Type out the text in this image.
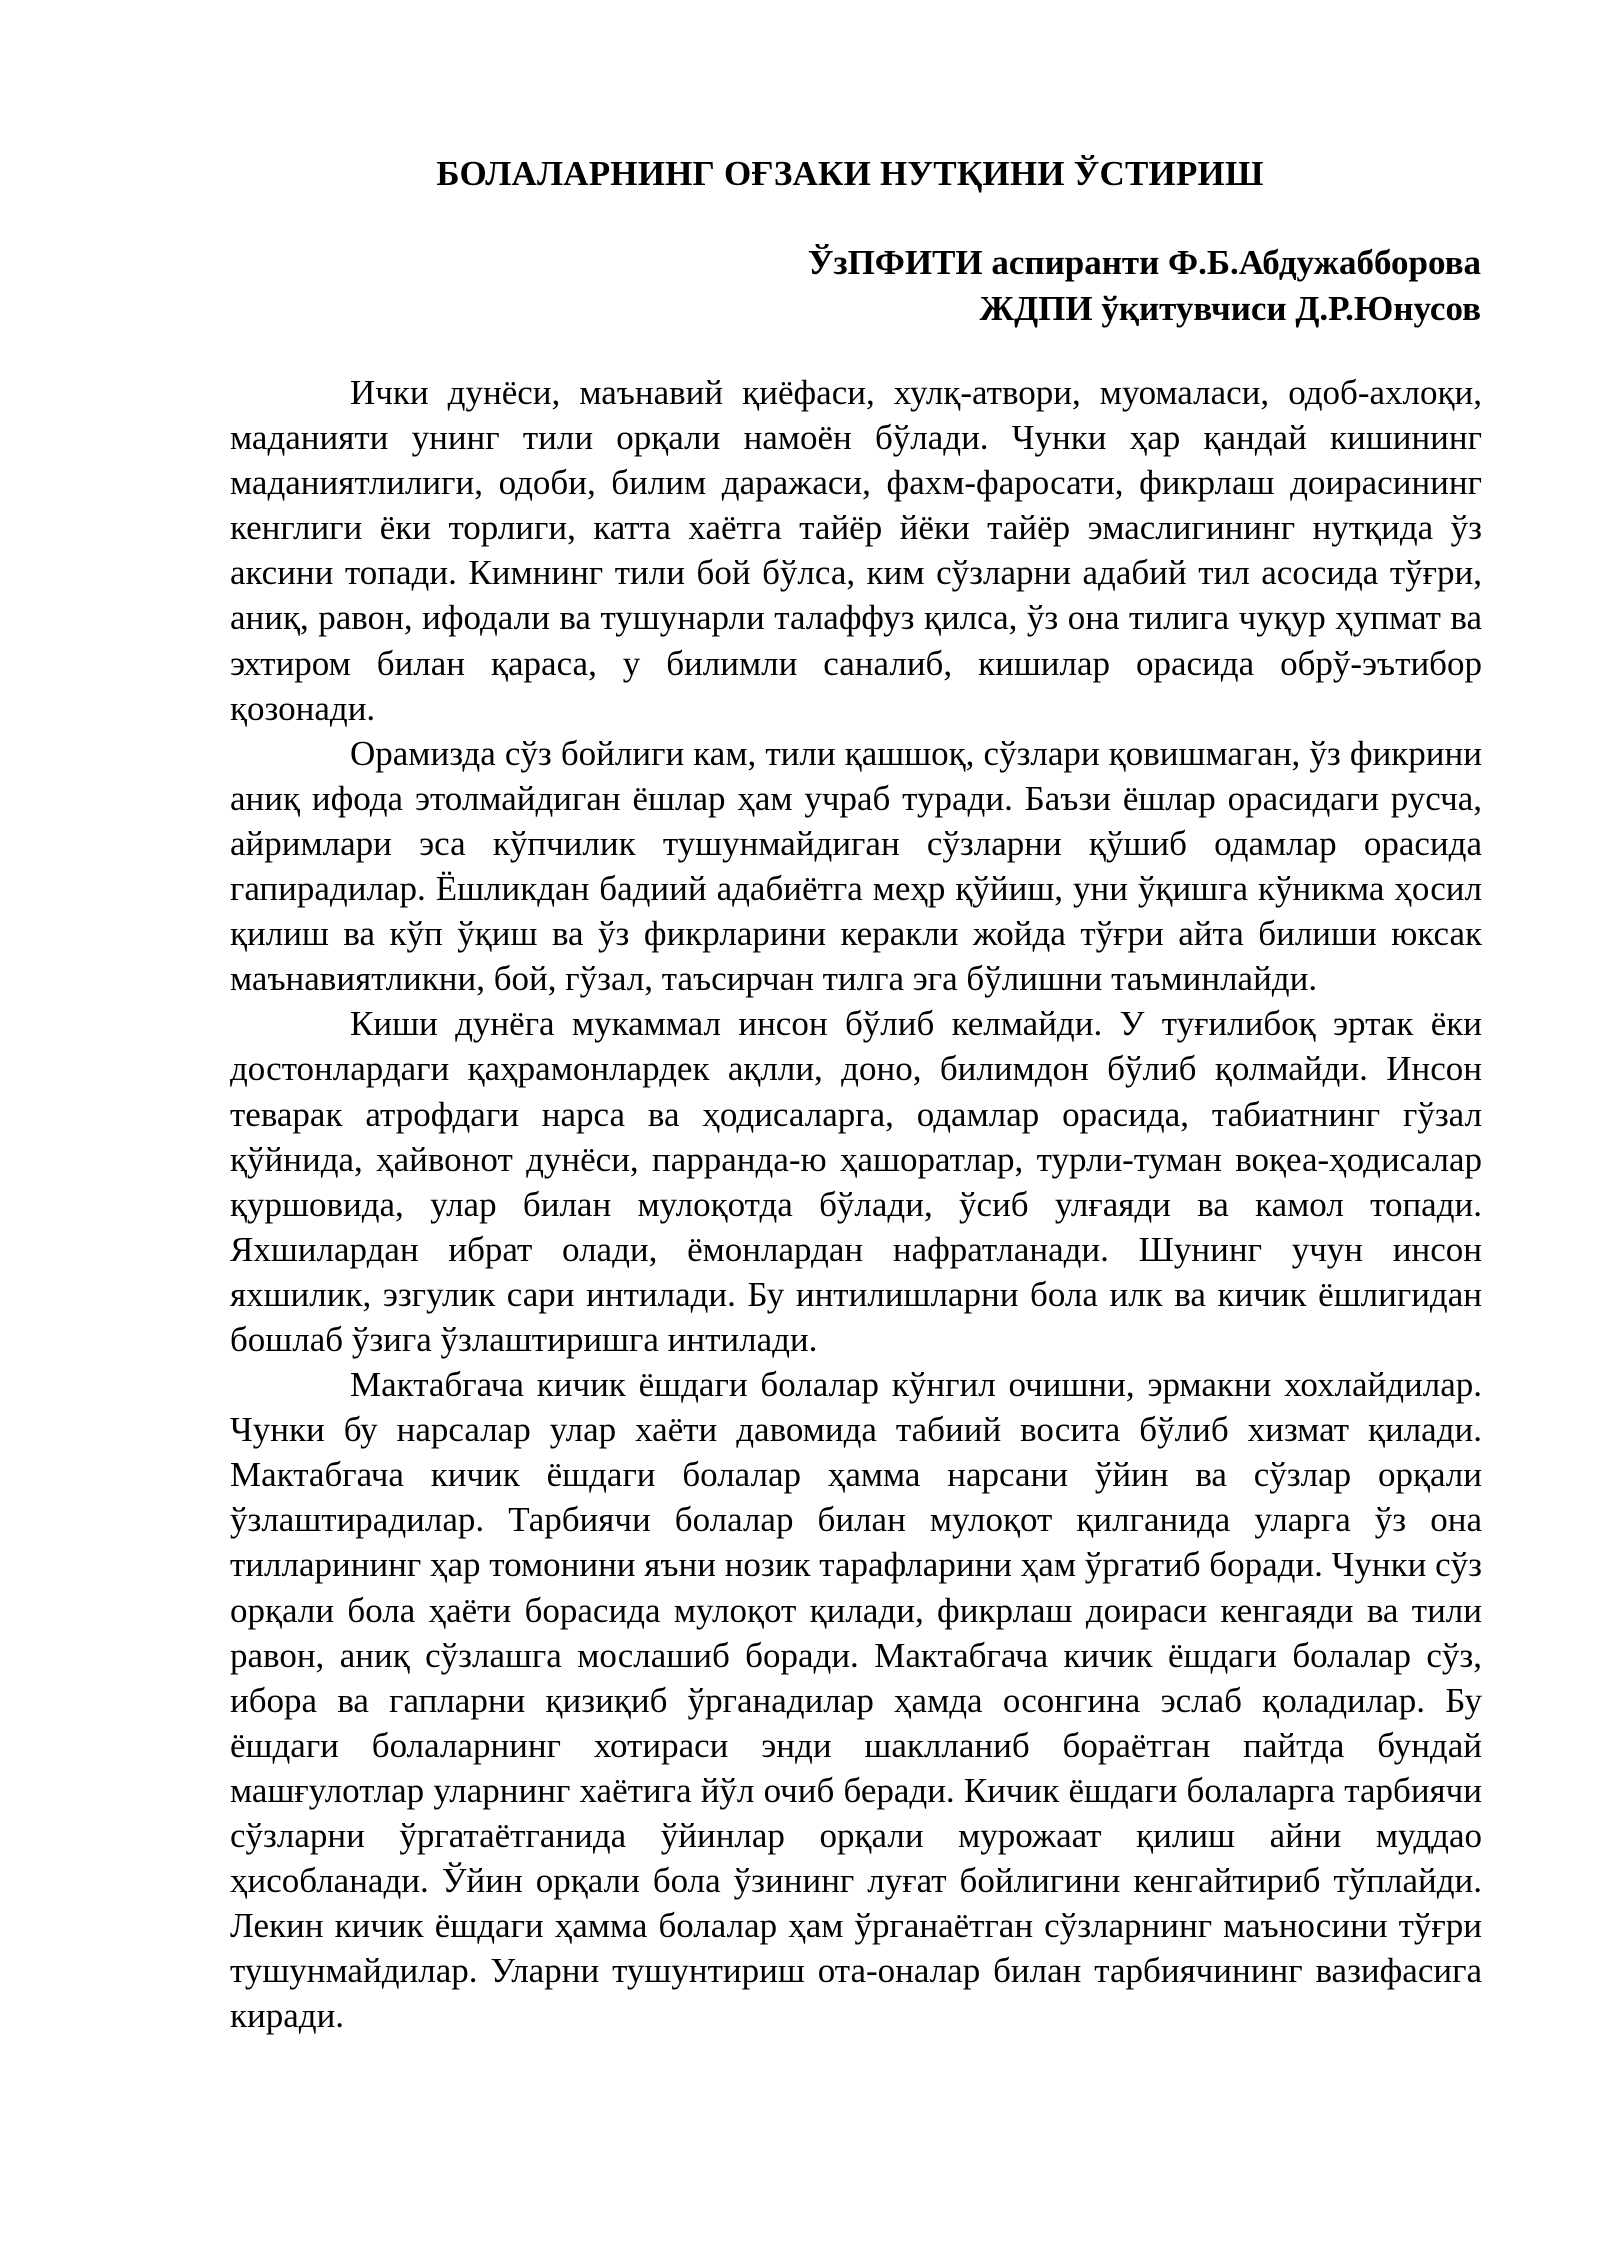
БОЛАЛАРНИНГ ОҒЗАКИ НУТҚИНИ ЎСТИРИШ
ЎзПФИТИ аспиранти Ф.Б.Абдужабборова
ЖДПИ ўқитувчиси Д.Р.Юнусов

Ички дунёси, маънавий қиёфаси, хулқ-атвори, муомаласи, одоб-ахлоқи, маданияти унинг тили орқали намоён бўлади. Чунки ҳар қандай кишининг маданиятлилиги, одоби, билим даражаси, фахм-фаросати, фикрлаш доирасининг кенглиги ёки торлиги, катта хаётга тайёр йёки тайёр эмаслигининг нутқида ўз аксини топади. Кимнинг тили бой бўлса, ким сўзларни адабий тил асосида тўғри, аниқ, равон, ифодали ва тушунарли талаффуз қилса, ўз она тилига чуқур ҳупмат ва эхтиром билан қараса, у билимли саналиб, кишилар орасида обрў-эътибор қозонади.

Орамизда сўз бойлиги кам, тили қашшоқ, сўзлари қовишмаган, ўз фикрини аниқ ифода этолмайдиган ёшлар ҳам учраб туради. Баъзи ёшлар орасидаги русча, айримлари эса кўпчилик тушунмайдиган сўзларни қўшиб одамлар орасида гапирадилар. Ёшликдан бадиий адабиётга меҳр қўйиш, уни ўқишга кўникма ҳосил қилиш ва кўп ўқиш ва ўз фикрларини керакли жойда тўғри айта билиши юксак маънавиятликни, бой, гўзал, таъсирчан тилга эга бўлишни таъминлайди.

Киши дунёга мукаммал инсон бўлиб келмайди. У туғилибоқ эртак ёки достонлардаги қаҳрамонлардек ақлли, доно, билимдон бўлиб қолмайди. Инсон теварак атрофдаги нарса ва ҳодисаларга, одамлар орасида, табиатнинг гўзал қўйнида, ҳайвонот дунёси, парранда-ю ҳашоратлар, турли-туман воқеа-ҳодисалар қуршовида, улар билан мулоқотда бўлади, ўсиб улғаяди ва камол топади. Яхшилардан ибрат олади, ёмонлардан нафратланади. Шунинг учун инсон яхшилик, эзгулик сари интилади. Бу интилишларни бола илк ва кичик ёшлигидан бошлаб ўзига ўзлаштиришга интилади.

Мактабгача кичик ёшдаги болалар кўнгил очишни, эрмакни хохлайдилар. Чунки бу нарсалар улар хаёти давомида табиий восита бўлиб хизмат қилади. Мактабгача кичик ёшдаги болалар ҳамма нарсани ўйин ва сўзлар орқали ўзлаштирадилар. Тарбиячи болалар билан мулоқот қилганида уларга ўз она тилларининг ҳар томонини яъни нозик тарафларини ҳам ўргатиб боради. Чунки сўз орқали бола ҳаёти борасида мулоқот қилади, фикрлаш доираси кенгаяди ва тили равон, аниқ сўзлашга мослашиб боради. Мактабгача кичик ёшдаги болалар сўз, ибора ва гапларни қизиқиб ўрганадилар ҳамда осонгина эслаб қоладилар. Бу ёшдаги болаларнинг хотираси энди шаклланиб бораётган пайтда бундай машғулотлар уларнинг хаётига йўл очиб беради. Кичик ёшдаги болаларга тарбиячи сўзларни ўргатаётганида ўйинлар орқали мурожаат қилиш айни муддао ҳисобланади. Ўйин орқали бола ўзининг луғат бойлигини кенгайтириб тўплайди. Лекин кичик ёшдаги ҳамма болалар ҳам ўрганаётган сўзларнинг маъносини тўғри тушунмайдилар. Уларни тушунтириш ота-оналар билан тарбиячининг вазифасига киради.
